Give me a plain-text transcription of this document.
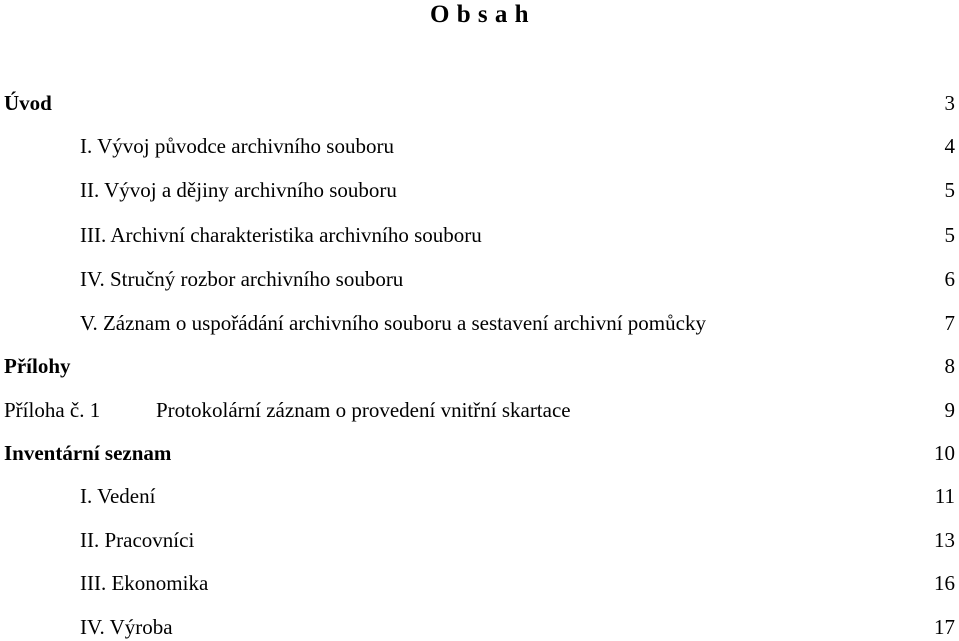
O b s a h
Úvod	3
I. Vývoj původce archivního souboru	4
II. Vývoj a dějiny archivního souboru	5
III. Archivní charakteristika archivního souboru	5
IV. Stručný rozbor archivního souboru	6
V. Záznam o uspořádání archivního souboru a sestavení archivní pomůcky	7
Přílohy	8
Příloha č. 1	Protokolární záznam o provedení vnitřní skartace	9
Inventární seznam	10
I. Vedení	11
II. Pracovníci	13
III. Ekonomika	16
IV. Výroba	17
